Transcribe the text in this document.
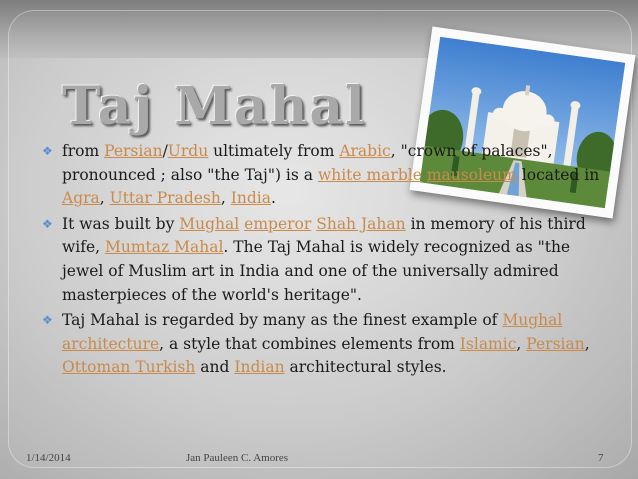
Taj Mahal
❖ from Persian/Urdu ultimately from Arabic, "crown of palaces", pronounced ; also "the Taj") is a white marble mausoleum located in Agra, Uttar Pradesh, India.
❖ It was built by Mughal emperor Shah Jahan in memory of his third wife, Mumtaz Mahal. The Taj Mahal is widely recognized as "the jewel of Muslim art in India and one of the universally admired masterpieces of the world's heritage".
❖ Taj Mahal is regarded by many as the finest example of Mughal architecture, a style that combines elements from Islamic, Persian, Ottoman Turkish and Indian architectural styles.
1/14/2014	Jan Pauleen C. Amores	7
